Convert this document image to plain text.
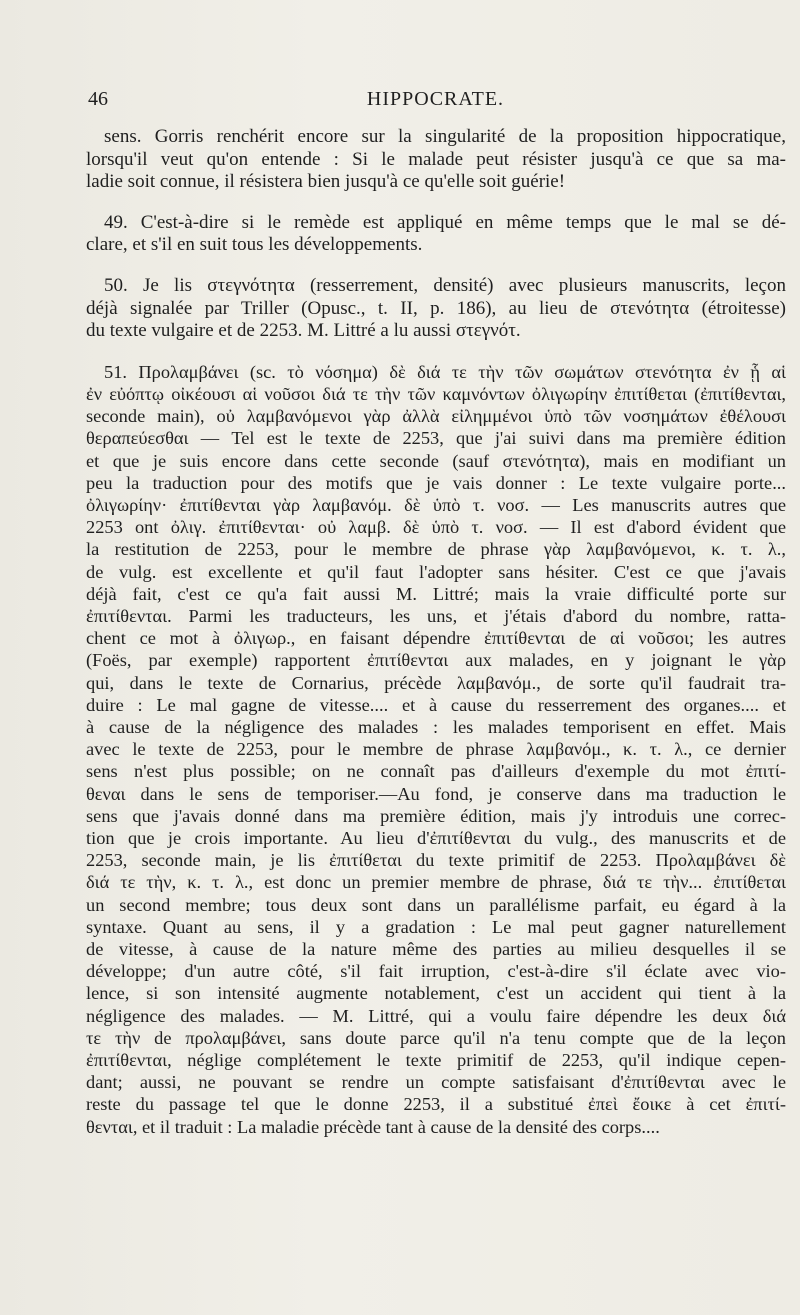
46	HIPPOCRATE.
sens. Gorris renchérit encore sur la singularité de la proposition hippocratique,
lorsqu'il veut qu'on entende : Si le malade peut résister jusqu'à ce que sa ma-
ladie soit connue, il résistera bien jusqu'à ce qu'elle soit guérie!
49. C'est-à-dire si le remède est appliqué en même temps que le mal se dé-
clare, et s'il en suit tous les développements.
50. Je lis στεγνότητα (resserrement, densité) avec plusieurs manuscrits, leçon
déjà signalée par Triller (Opusc., t. II, p. 186), au lieu de στενότητα (étroitesse)
du texte vulgaire et de 2253. M. Littré a lu aussi στεγνότ.
51. Προλαμβάνει (sc. τὸ νόσημα) δὲ διά τε τὴν τῶν σωμάτων στενότητα ἐν ᾗ αἱ
ἐν εὐόπτῳ οἰκέουσι αἱ νοῦσοι διά τε τὴν τῶν καμνόντων ὀλιγωρίην ἐπιτίθεται (ἐπιτίθενται,
seconde main), οὐ λαμβανόμενοι γὰρ ἀλλὰ εἰλημμένοι ὑπὸ τῶν νοσημάτων ἐθέλουσι
θεραπεύεσθαι — Tel est le texte de 2253, que j'ai suivi dans ma première édition
et que je suis encore dans cette seconde (sauf στενότητα), mais en modifiant un
peu la traduction pour des motifs que je vais donner : Le texte vulgaire porte...
ὀλιγωρίην· ἐπιτίθενται γὰρ λαμβανόμ. δὲ ὑπὸ τ. νοσ. — Les manuscrits autres que
2253 ont ὀλιγ. ἐπιτίθενται· οὐ λαμβ. δὲ ὑπὸ τ. νοσ. — Il est d'abord évident que
la restitution de 2253, pour le membre de phrase γὰρ λαμβανόμενοι, κ. τ. λ.,
de vulg. est excellente et qu'il faut l'adopter sans hésiter. C'est ce que j'avais
déjà fait, c'est ce qu'a fait aussi M. Littré; mais la vraie difficulté porte sur
ἐπιτίθενται. Parmi les traducteurs, les uns, et j'étais d'abord du nombre, ratta-
chent ce mot à ὀλιγωρ., en faisant dépendre ἐπιτίθενται de αἱ νοῦσοι; les autres
(Foës, par exemple) rapportent ἐπιτίθενται aux malades, en y joignant le γὰρ
qui, dans le texte de Cornarius, précède λαμβανόμ., de sorte qu'il faudrait tra-
duire : Le mal gagne de vitesse.... et à cause du resserrement des organes.... et
à cause de la négligence des malades : les malades temporisent en effet. Mais
avec le texte de 2253, pour le membre de phrase λαμβανόμ., κ. τ. λ., ce dernier
sens n'est plus possible; on ne connaît pas d'ailleurs d'exemple du mot ἐπιτί-
θεναι dans le sens de temporiser.—Au fond, je conserve dans ma traduction le
sens que j'avais donné dans ma première édition, mais j'y introduis une correc-
tion que je crois importante. Au lieu d'ἐπιτίθενται du vulg., des manuscrits et de
2253, seconde main, je lis ἐπιτίθεται du texte primitif de 2253. Προλαμβάνει δὲ
διά τε τὴν, κ. τ. λ., est donc un premier membre de phrase, διά τε τὴν... ἐπιτίθεται
un second membre; tous deux sont dans un parallélisme parfait, eu égard à la
syntaxe. Quant au sens, il y a gradation : Le mal peut gagner naturellement
de vitesse, à cause de la nature même des parties au milieu desquelles il se
développe; d'un autre côté, s'il fait irruption, c'est-à-dire s'il éclate avec vio-
lence, si son intensité augmente notablement, c'est un accident qui tient à la
négligence des malades. — M. Littré, qui a voulu faire dépendre les deux διά
τε τὴν de προλαμβάνει, sans doute parce qu'il n'a tenu compte que de la leçon
ἐπιτίθενται, néglige complétement le texte primitif de 2253, qu'il indique cepen-
dant; aussi, ne pouvant se rendre un compte satisfaisant d'ἐπιτίθενται avec le
reste du passage tel que le donne 2253, il a substitué ἐπεὶ ἔοικε à cet ἐπιτί-
θενται, et il traduit : La maladie précède tant à cause de la densité des corps....
